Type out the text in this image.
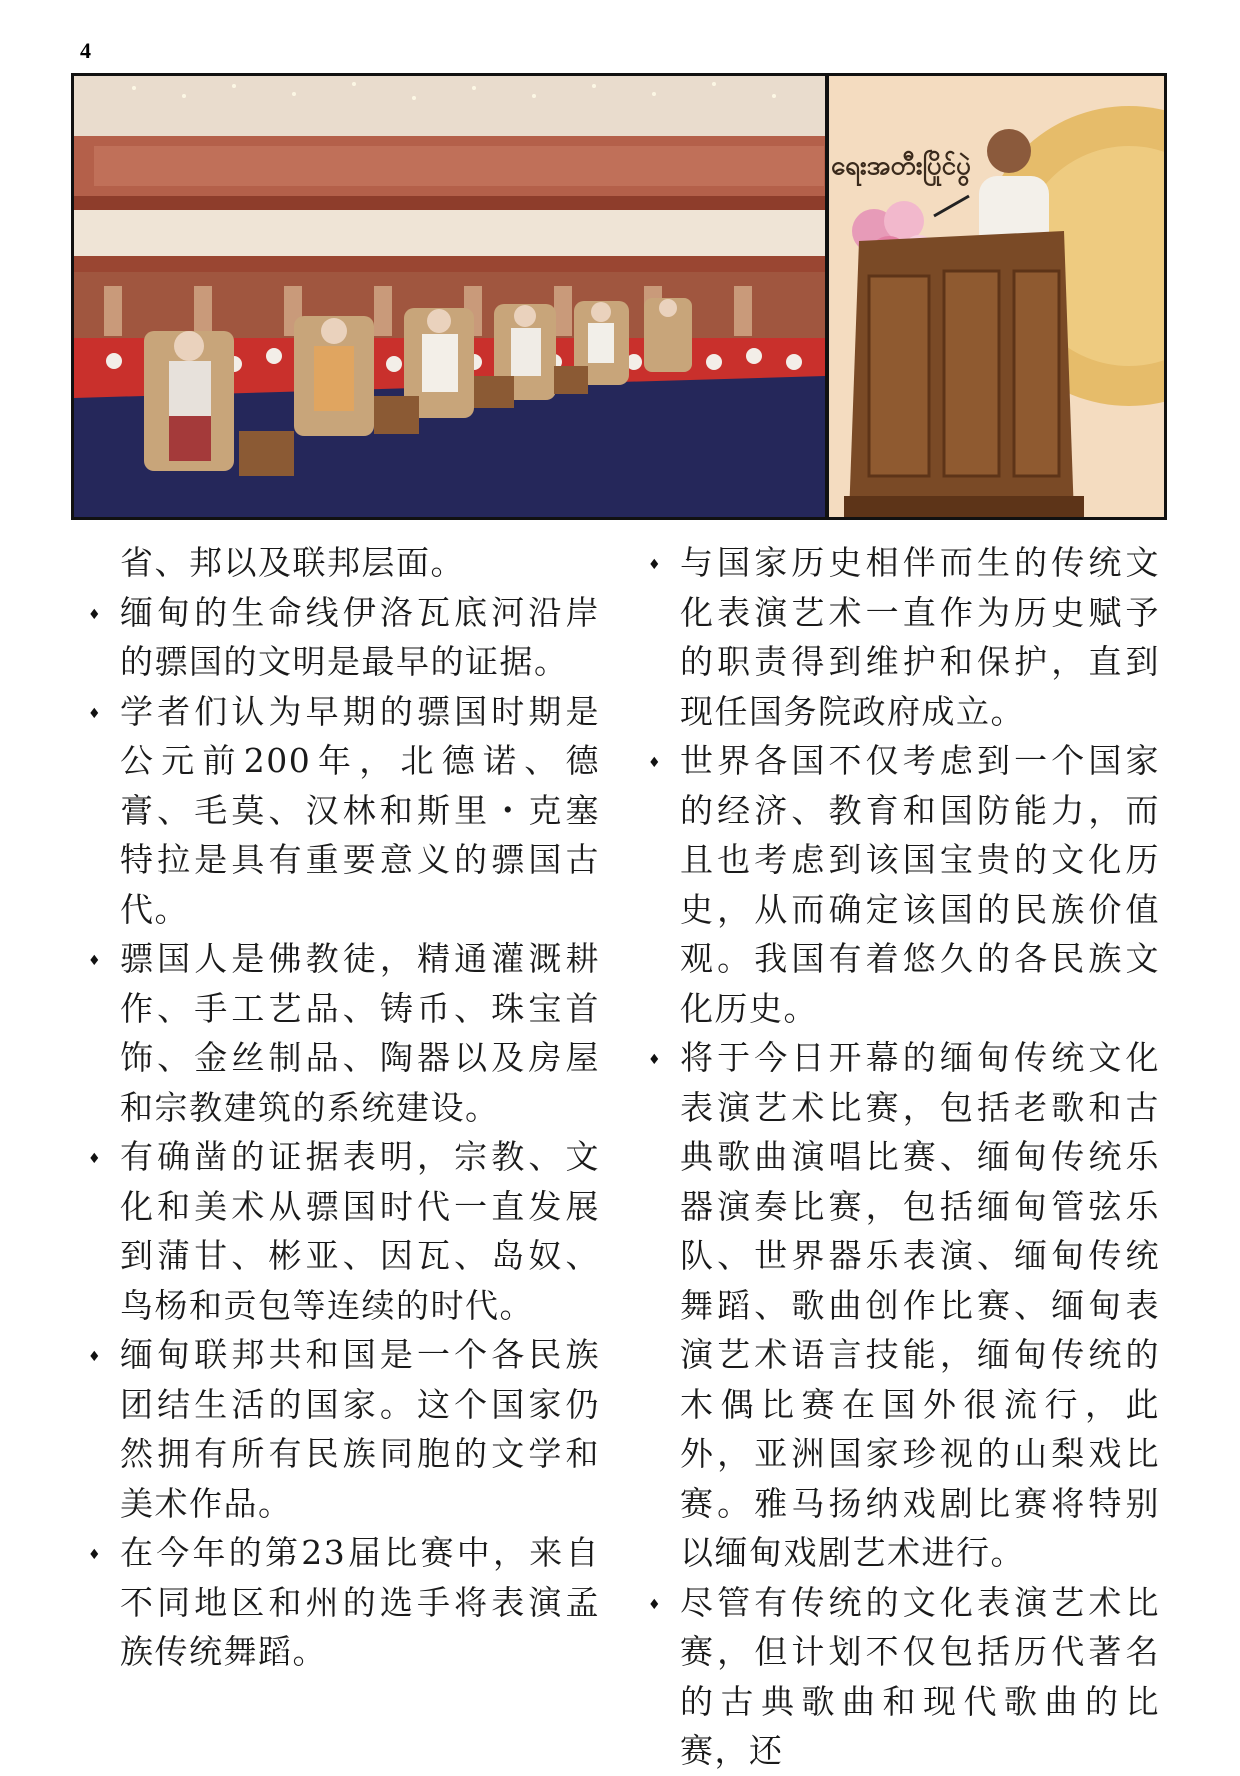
4
ရေးအတီးပြိုင်ပွဲ
省、邦以及联邦层面。
♦ 缅甸的生命线伊洛瓦底河沿岸的骠国的文明是最早的证据。
♦ 学者们认为早期的骠国时期是公元前200年，北德诺、德膏、毛莫、汉林和斯里・克塞特拉是具有重要意义的骠国古代。
♦ 骠国人是佛教徒，精通灌溉耕作、手工艺品、铸币、珠宝首饰、金丝制品、陶器以及房屋和宗教建筑的系统建设。
♦ 有确凿的证据表明，宗教、文化和美术从骠国时代一直发展到蒲甘、彬亚、因瓦、岛奴、鸟杨和贡包等连续的时代。
♦ 缅甸联邦共和国是一个各民族团结生活的国家。这个国家仍然拥有所有民族同胞的文学和美术作品。
♦ 在今年的第23届比赛中，来自不同地区和州的选手将表演孟族传统舞蹈。
♦ 与国家历史相伴而生的传统文化表演艺术一直作为历史赋予的职责得到维护和保护，直到现任国务院政府成立。
♦ 世界各国不仅考虑到一个国家的经济、教育和国防能力，而且也考虑到该国宝贵的文化历史，从而确定该国的民族价值观。我国有着悠久的各民族文化历史。
♦ 将于今日开幕的缅甸传统文化表演艺术比赛，包括老歌和古典歌曲演唱比赛、缅甸传统乐器演奏比赛，包括缅甸管弦乐队、世界器乐表演、缅甸传统舞蹈、歌曲创作比赛、缅甸表演艺术语言技能，缅甸传统的木偶比赛在国外很流行，此外，亚洲国家珍视的山梨戏比赛。雅马扬纳戏剧比赛将特别以缅甸戏剧艺术进行。
♦ 尽管有传统的文化表演艺术比赛，但计划不仅包括历代著名的古典歌曲和现代歌曲的比赛，还
